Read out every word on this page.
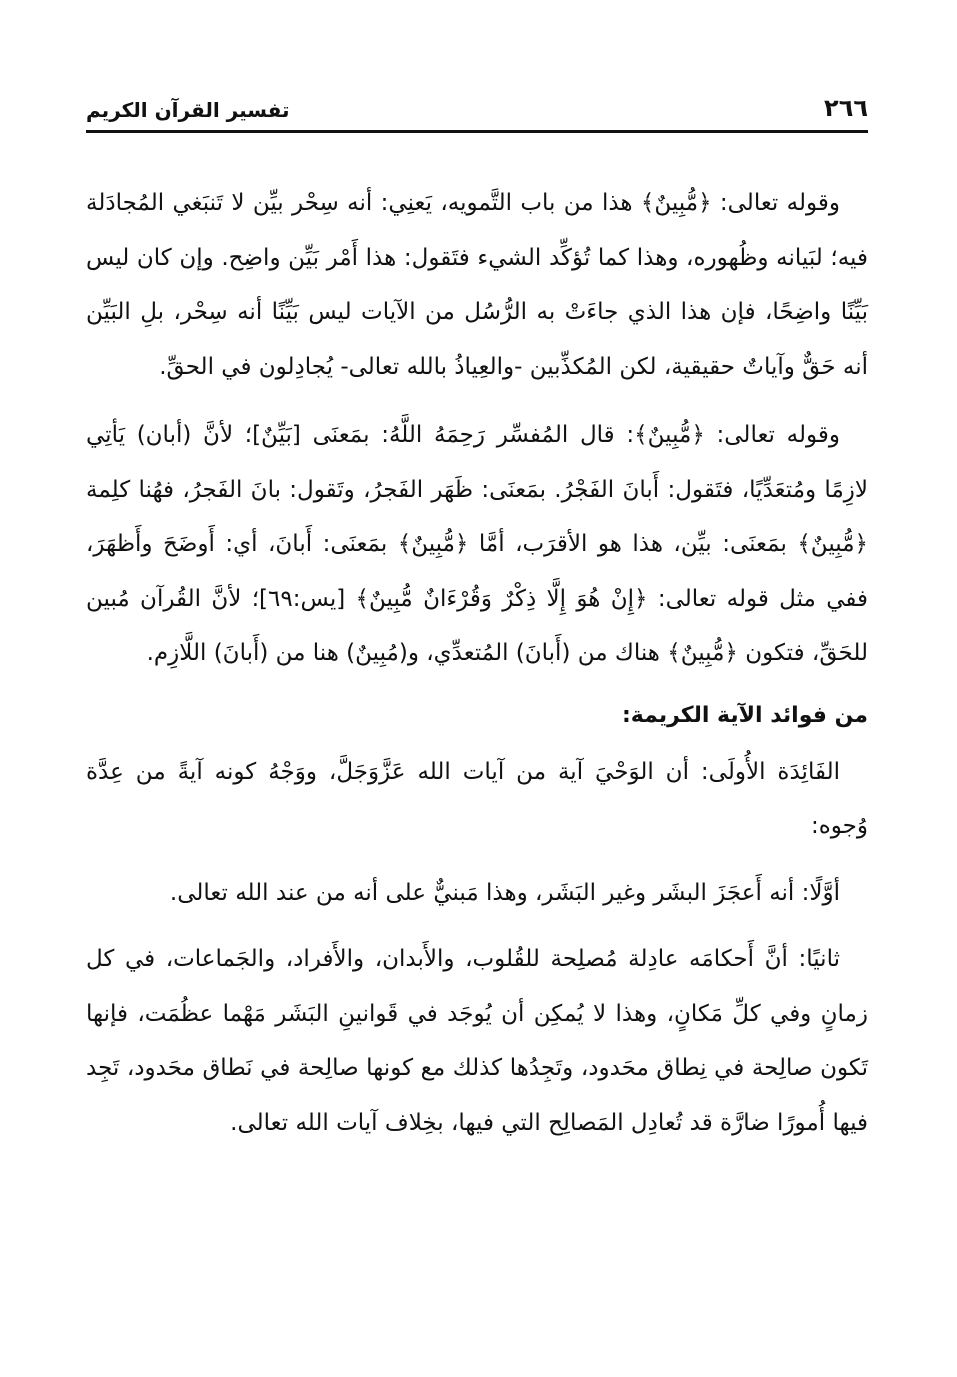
٢٦٦
تفسير القرآن الكريم

وقوله تعالى: ﴿مُّبِينٌ﴾ هذا من باب التَّمويه، يَعنِي: أنه سِحْر بيِّن لا تَنبَغي المُجادَلة فيه؛ لبَيانه وظُهوره، وهذا كما تُؤكِّد الشيء فتَقول: هذا أَمْر بَيِّن واضِح. وإن كان ليس بَيِّنًا واضِحًا، فإن هذا الذي جاءَتْ به الرُّسُل من الآيات ليس بَيِّنًا أنه سِحْر، بلِ البَيِّن أنه حَقٌّ وآياتٌ حقيقية، لكن المُكذِّبين -والعِياذُ بالله تعالى- يُجادِلون في الحقِّ.

وقوله تعالى: ﴿مُّبِينٌ﴾: قال المُفسِّر رَحِمَهُ اللَّهُ: بمَعنَى [بَيِّنٌ]؛ لأنَّ (أبان) يَأتِي لازِمًا ومُتعَدِّيًا، فتَقول: أَبانَ الفَجْرُ. بمَعنَى: ظَهَر الفَجرُ، وتَقول: بانَ الفَجرُ، فهُنا كلِمة ﴿مُّبِينٌ﴾ بمَعنَى: بيِّن، هذا هو الأقرَب، أمَّا ﴿مُّبِينٌ﴾ بمَعنَى: أَبانَ، أي: أَوضَحَ وأَظهَرَ، ففي مثل قوله تعالى: ﴿إِنْ هُوَ إِلَّا ذِكْرٌ وَقُرْءَانٌ مُّبِينٌ﴾ [يس:٦٩]؛ لأنَّ القُرآن مُبين للحَقِّ، فتكون ﴿مُّبِينٌ﴾ هناك من (أَبانَ) المُتعدِّي، و(مُبِينٌ) هنا من (أَبانَ) اللَّازِم.

من فوائد الآية الكريمة:

الفَائِدَة الأُولَى: أن الوَحْيَ آية من آيات الله عَزَّوَجَلَّ، ووَجْهُ كونه آيةً من عِدَّة وُجوه:

أوَّلًا: أنه أَعجَزَ البشَر وغير البَشَر، وهذا مَبنيٌّ على أنه من عند الله تعالى.

ثانيًا: أنَّ أَحكامَه عادِلة مُصلِحة للقُلوب، والأَبدان، والأَفراد، والجَماعات، في كل زمانٍ وفي كلِّ مَكانٍ، وهذا لا يُمكِن أن يُوجَد في قَوانينِ البَشَر مَهْما عظُمَت، فإنها تَكون صالِحة في نِطاق محَدود، وتَجِدُها كذلك مع كونها صالِحة في نَطاق محَدود، تَجِد فيها أُمورًا ضارَّة قد تُعادِل المَصالِح التي فيها، بخِلاف آيات الله تعالى.
